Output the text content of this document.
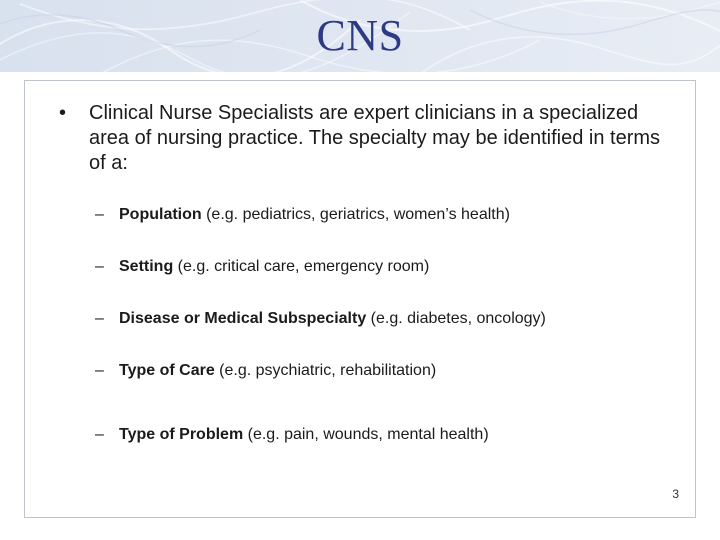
CNS
•	Clinical Nurse Specialists are expert clinicians in a specialized area of nursing practice. The specialty may be identified in terms of a:
– Population (e.g. pediatrics, geriatrics, women’s health)
– Setting (e.g. critical care, emergency room)
– Disease or Medical Subspecialty (e.g. diabetes, oncology)
– Type of Care (e.g. psychiatric, rehabilitation)
– Type of Problem (e.g. pain, wounds, mental health)
3
